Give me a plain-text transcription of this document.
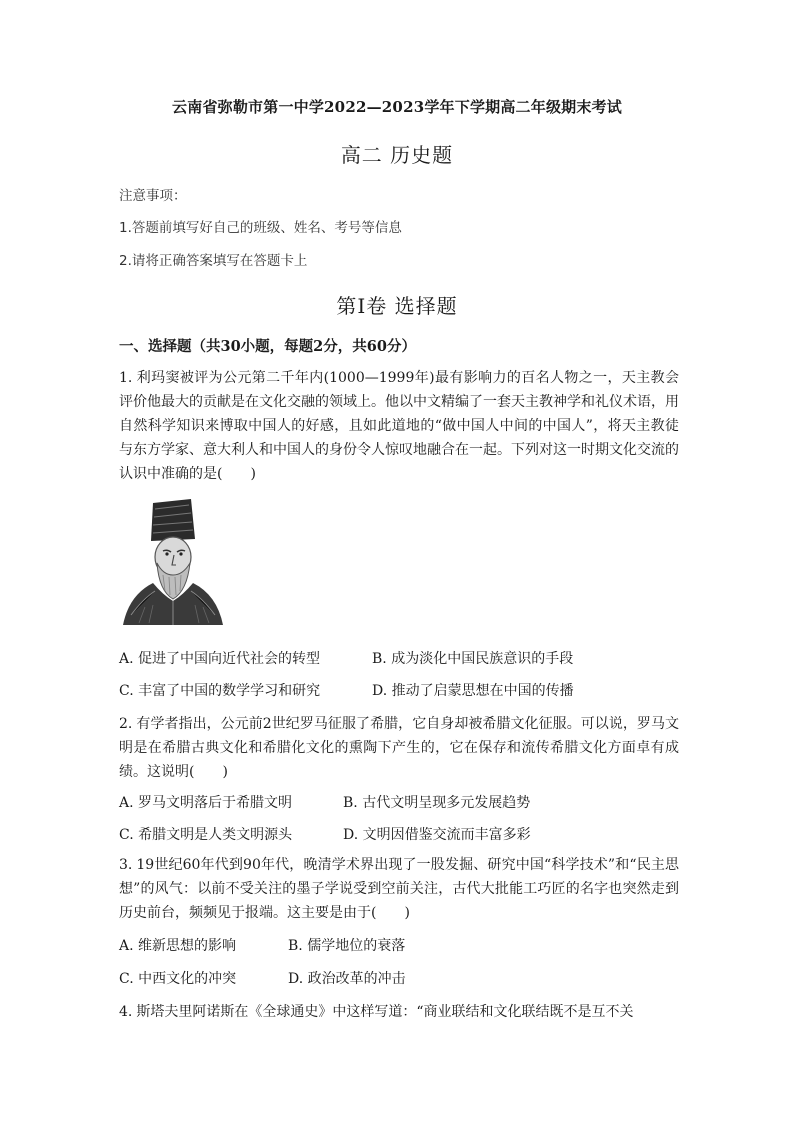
云南省弥勒市第一中学2022—2023学年下学期高二年级期末考试
高二 历史题
注意事项：
1.答题前填写好自己的班级、姓名、考号等信息
2.请将正确答案填写在答题卡上
第Ⅰ卷 选择题
一、选择题（共30小题，每题2分，共60分）
1. 利玛窦被评为公元第二千年内(1000—1999年)最有影响力的百名人物之一，天主教会评价他最大的贡献是在文化交融的领域上。他以中文精编了一套天主教神学和礼仪术语，用自然科学知识来博取中国人的好感，且如此道地的“做中国人中间的中国人”，将天主教徒与东方学家、意大利人和中国人的身份令人惊叹地融合在一起。下列对这一时期文化交流的认识中准确的是(　　)
A. 促进了中国向近代社会的转型	B. 成为淡化中国民族意识的手段
C. 丰富了中国的数学学习和研究	D. 推动了启蒙思想在中国的传播
2. 有学者指出，公元前2世纪罗马征服了希腊，它自身却被希腊文化征服。可以说，罗马文明是在希腊古典文化和希腊化文化的熏陶下产生的，它在保存和流传希腊文化方面卓有成绩。这说明(　　)
A. 罗马文明落后于希腊文明	B. 古代文明呈现多元发展趋势
C. 希腊文明是人类文明源头	D. 文明因借鉴交流而丰富多彩
3. 19世纪60年代到90年代，晚清学术界出现了一股发掘、研究中国“科学技术”和“民主思想”的风气：以前不受关注的墨子学说受到空前关注，古代大批能工巧匠的名字也突然走到历史前台，频频见于报端。这主要是由于(　　)
A. 维新思想的影响	B. 儒学地位的衰落
C. 中西文化的冲突	D. 政治改革的冲击
4. 斯塔夫里阿诺斯在《全球通史》中这样写道：“商业联结和文化联结既不是互不关
